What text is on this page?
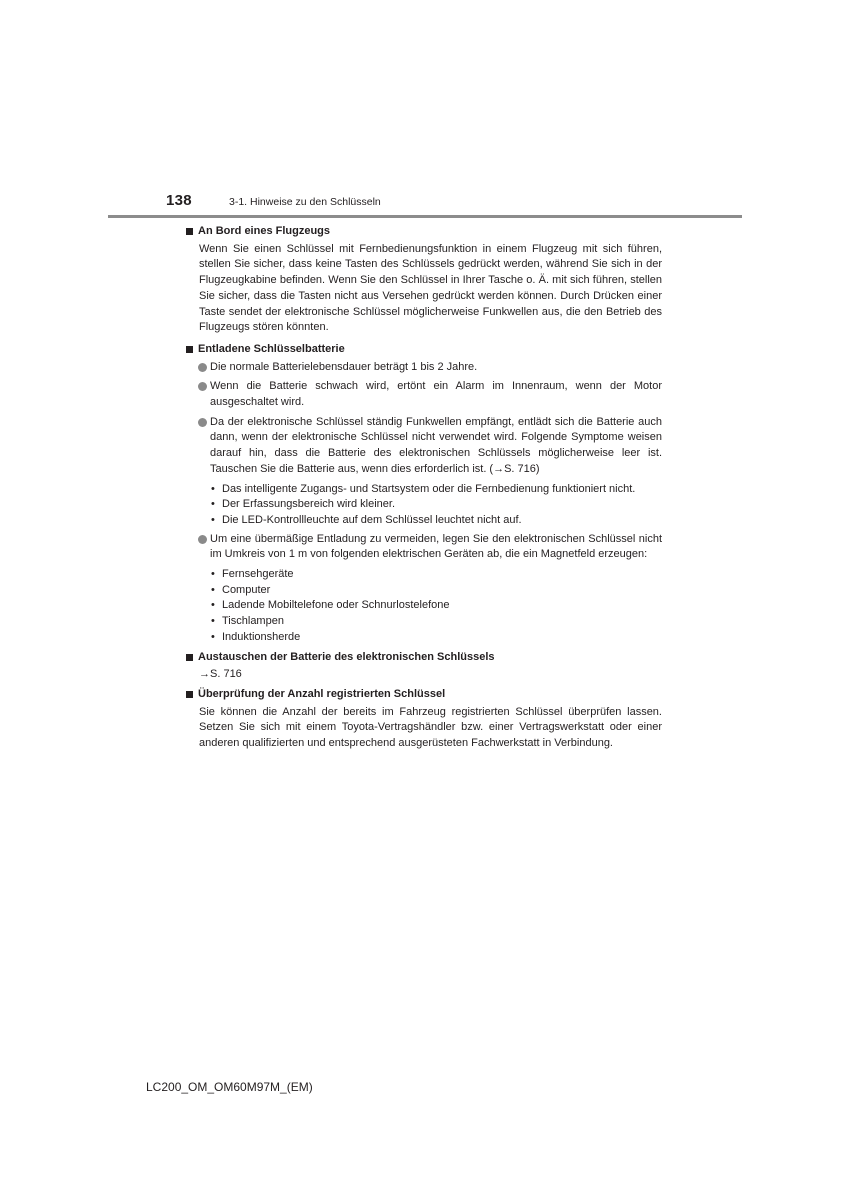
138	3-1. Hinweise zu den Schlüsseln
An Bord eines Flugzeugs
Wenn Sie einen Schlüssel mit Fernbedienungsfunktion in einem Flugzeug mit sich führen, stellen Sie sicher, dass keine Tasten des Schlüssels gedrückt werden, während Sie sich in der Flugzeugkabine befinden. Wenn Sie den Schlüssel in Ihrer Tasche o. Ä. mit sich führen, stellen Sie sicher, dass die Tasten nicht aus Versehen gedrückt werden können. Durch Drücken einer Taste sendet der elektronische Schlüssel möglicherweise Funkwellen aus, die den Betrieb des Flugzeugs stören könnten.
Entladene Schlüsselbatterie
Die normale Batterielebensdauer beträgt 1 bis 2 Jahre.
Wenn die Batterie schwach wird, ertönt ein Alarm im Innenraum, wenn der Motor ausgeschaltet wird.
Da der elektronische Schlüssel ständig Funkwellen empfängt, entlädt sich die Batterie auch dann, wenn der elektronische Schlüssel nicht verwendet wird. Folgende Symptome weisen darauf hin, dass die Batterie des elektronischen Schlüssels möglicherweise leer ist. Tauschen Sie die Batterie aus, wenn dies erforderlich ist. (→S. 716)
• Das intelligente Zugangs- und Startsystem oder die Fernbedienung funktioniert nicht.
• Der Erfassungsbereich wird kleiner.
• Die LED-Kontrollleuchte auf dem Schlüssel leuchtet nicht auf.
Um eine übermäßige Entladung zu vermeiden, legen Sie den elektronischen Schlüssel nicht im Umkreis von 1 m von folgenden elektrischen Geräten ab, die ein Magnetfeld erzeugen:
• Fernsehgeräte
• Computer
• Ladende Mobiltelefone oder Schnurlostelefone
• Tischlampen
• Induktionsherde
Austauschen der Batterie des elektronischen Schlüssels
→S. 716
Überprüfung der Anzahl registrierten Schlüssel
Sie können die Anzahl der bereits im Fahrzeug registrierten Schlüssel überprüfen lassen. Setzen Sie sich mit einem Toyota-Vertragshändler bzw. einer Vertragswerkstatt oder einer anderen qualifizierten und entsprechend ausgerüsteten Fachwerkstatt in Verbindung.
LC200_OM_OM60M97M_(EM)
